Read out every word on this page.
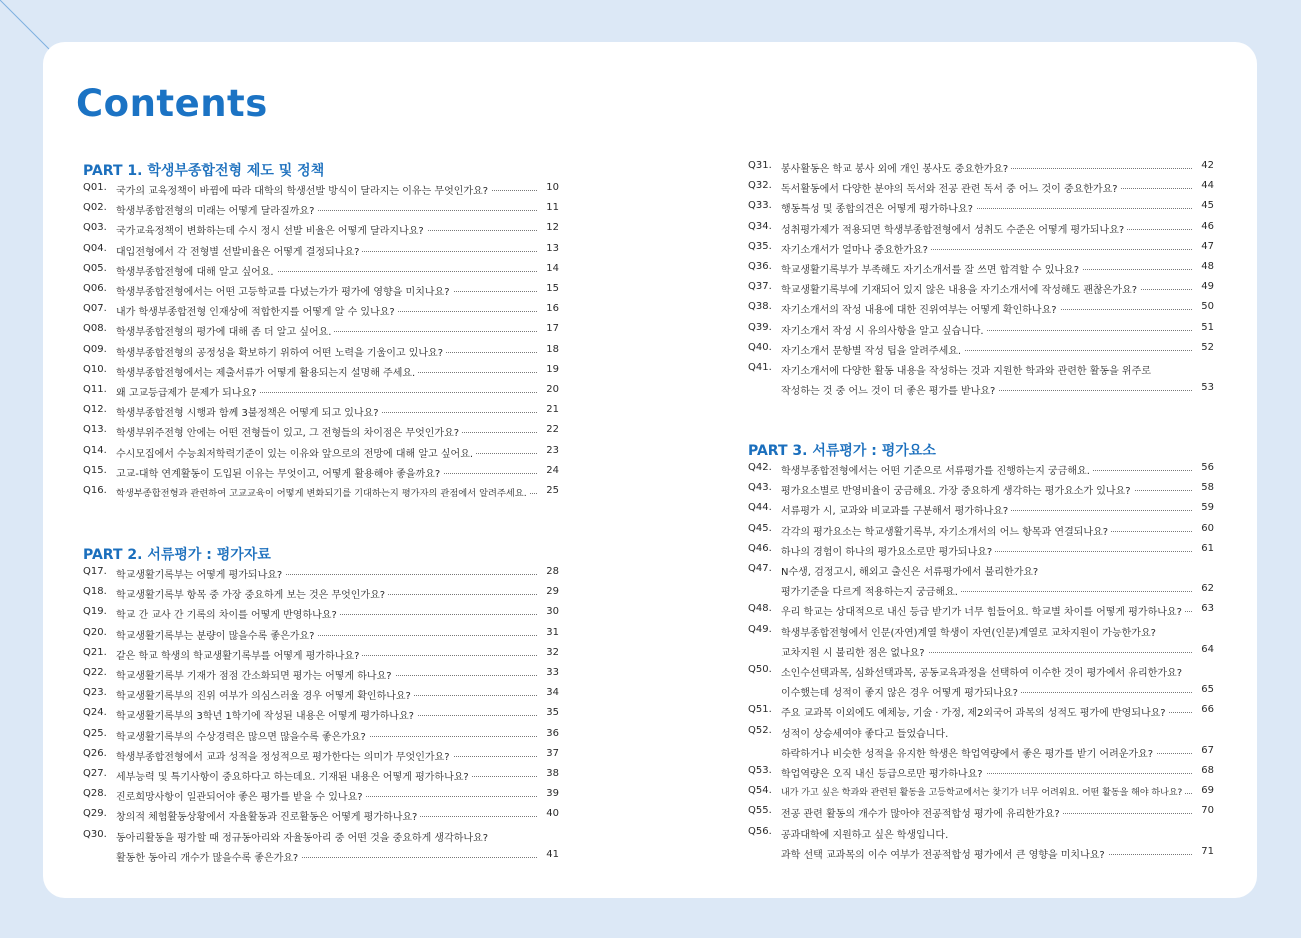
Contents
PART 1. 학생부종합전형 제도 및 정책
Q01. 국가의 교육정책이 바뀜에 따라 대학의 학생선발 방식이 달라지는 이유는 무엇인가요?	10
Q02. 학생부종합전형의 미래는 어떻게 달라질까요?	11
Q03. 국가교육정책이 변화하는데 수시 정시 선발 비율은 어떻게 달라지나요?	12
Q04. 대입전형에서 각 전형별 선발비율은 어떻게 결정되나요?	13
Q05. 학생부종합전형에 대해 알고 싶어요.	14
Q06. 학생부종합전형에서는 어떤 고등학교를 다녔는가가 평가에 영향을 미치나요?	15
Q07. 내가 학생부종합전형 인재상에 적합한지를 어떻게 알 수 있나요?	16
Q08. 학생부종합전형의 평가에 대해 좀 더 알고 싶어요.	17
Q09. 학생부종합전형의 공정성을 확보하기 위하여 어떤 노력을 기울이고 있나요?	18
Q10. 학생부종합전형에서는 제출서류가 어떻게 활용되는지 설명해 주세요.	19
Q11. 왜 고교등급제가 문제가 되나요?	20
Q12. 학생부종합전형 시행과 함께 3불정책은 어떻게 되고 있나요?	21
Q13. 학생부위주전형 안에는 어떤 전형들이 있고, 그 전형들의 차이점은 무엇인가요?	22
Q14. 수시모집에서 수능최저학력기준이 있는 이유와 앞으로의 전망에 대해 알고 싶어요.	23
Q15. 고교-대학 연계활동이 도입된 이유는 무엇이고, 어떻게 활용해야 좋을까요?	24
Q16. 학생부종합전형과 관련하여 고교교육이 어떻게 변화되기를 기대하는지 평가자의 관점에서 알려주세요.	25
PART 2. 서류평가 : 평가자료
Q17. 학교생활기록부는 어떻게 평가되나요?	28
Q18. 학교생활기록부 항목 중 가장 중요하게 보는 것은 무엇인가요?	29
Q19. 학교 간 교사 간 기록의 차이를 어떻게 반영하나요?	30
Q20. 학교생활기록부는 분량이 많을수록 좋은가요?	31
Q21. 같은 학교 학생의 학교생활기록부를 어떻게 평가하나요?	32
Q22. 학교생활기록부 기재가 점점 간소화되면 평가는 어떻게 하나요?	33
Q23. 학교생활기록부의 진위 여부가 의심스러울 경우 어떻게 확인하나요?	34
Q24. 학교생활기록부의 3학년 1학기에 작성된 내용은 어떻게 평가하나요?	35
Q25. 학교생활기록부의 수상경력은 많으면 많을수록 좋은가요?	36
Q26. 학생부종합전형에서 교과 성적을 정성적으로 평가한다는 의미가 무엇인가요?	37
Q27. 세부능력 및 특기사항이 중요하다고 하는데요. 기재된 내용은 어떻게 평가하나요?	38
Q28. 진로희망사항이 일관되어야 좋은 평가를 받을 수 있나요?	39
Q29. 창의적 체험활동상황에서 자율활동과 진로활동은 어떻게 평가하나요?	40
Q30. 동아리활동을 평가할 때 정규동아리와 자율동아리 중 어떤 것을 중요하게 생각하나요?
활동한 동아리 개수가 많을수록 좋은가요?	41
Q31. 봉사활동은 학교 봉사 외에 개인 봉사도 중요한가요?	42
Q32. 독서활동에서 다양한 분야의 독서와 전공 관련 독서 중 어느 것이 중요한가요?	44
Q33. 행동특성 및 종합의견은 어떻게 평가하나요?	45
Q34. 성취평가제가 적용되면 학생부종합전형에서 성취도 수준은 어떻게 평가되나요?	46
Q35. 자기소개서가 얼마나 중요한가요?	47
Q36. 학교생활기록부가 부족해도 자기소개서를 잘 쓰면 합격할 수 있나요?	48
Q37. 학교생활기록부에 기재되어 있지 않은 내용을 자기소개서에 작성해도 괜찮은가요?	49
Q38. 자기소개서의 작성 내용에 대한 진위여부는 어떻게 확인하나요?	50
Q39. 자기소개서 작성 시 유의사항을 알고 싶습니다.	51
Q40. 자기소개서 문항별 작성 팁을 알려주세요.	52
Q41. 자기소개서에 다양한 활동 내용을 작성하는 것과 지원한 학과와 관련한 활동을 위주로
작성하는 것 중 어느 것이 더 좋은 평가를 받나요?	53
PART 3. 서류평가 : 평가요소
Q42. 학생부종합전형에서는 어떤 기준으로 서류평가를 진행하는지 궁금해요.	56
Q43. 평가요소별로 반영비율이 궁금해요. 가장 중요하게 생각하는 평가요소가 있나요?	58
Q44. 서류평가 시, 교과와 비교과를 구분해서 평가하나요?	59
Q45. 각각의 평가요소는 학교생활기록부, 자기소개서의 어느 항목과 연결되나요?	60
Q46. 하나의 경험이 하나의 평가요소로만 평가되나요?	61
Q47. N수생, 검정고시, 해외고 출신은 서류평가에서 불리한가요?
평가기준을 다르게 적용하는지 궁금해요.	62
Q48. 우리 학교는 상대적으로 내신 등급 받기가 너무 힘들어요. 학교별 차이를 어떻게 평가하나요?	63
Q49. 학생부종합전형에서 인문(자연)계열 학생이 자연(인문)계열로 교차지원이 가능한가요?
교차지원 시 불리한 점은 없나요?	64
Q50. 소인수선택과목, 심화선택과목, 공동교육과정을 선택하여 이수한 것이 평가에서 유리한가요?
이수했는데 성적이 좋지 않은 경우 어떻게 평가되나요?	65
Q51. 주요 교과목 이외에도 예체능, 기술 · 가정, 제2외국어 과목의 성적도 평가에 반영되나요?	66
Q52. 성적이 상승세여야 좋다고 들었습니다.
하락하거나 비슷한 성적을 유지한 학생은 학업역량에서 좋은 평가를 받기 어려운가요?	67
Q53. 학업역량은 오직 내신 등급으로만 평가하나요?	68
Q54. 내가 가고 싶은 학과와 관련된 활동을 고등학교에서는 찾기가 너무 어려워요. 어떤 활동을 해야 하나요?	69
Q55. 전공 관련 활동의 개수가 많아야 전공적합성 평가에 유리한가요?	70
Q56. 공과대학에 지원하고 싶은 학생입니다.
과학 선택 교과목의 이수 여부가 전공적합성 평가에서 큰 영향을 미치나요?	71
